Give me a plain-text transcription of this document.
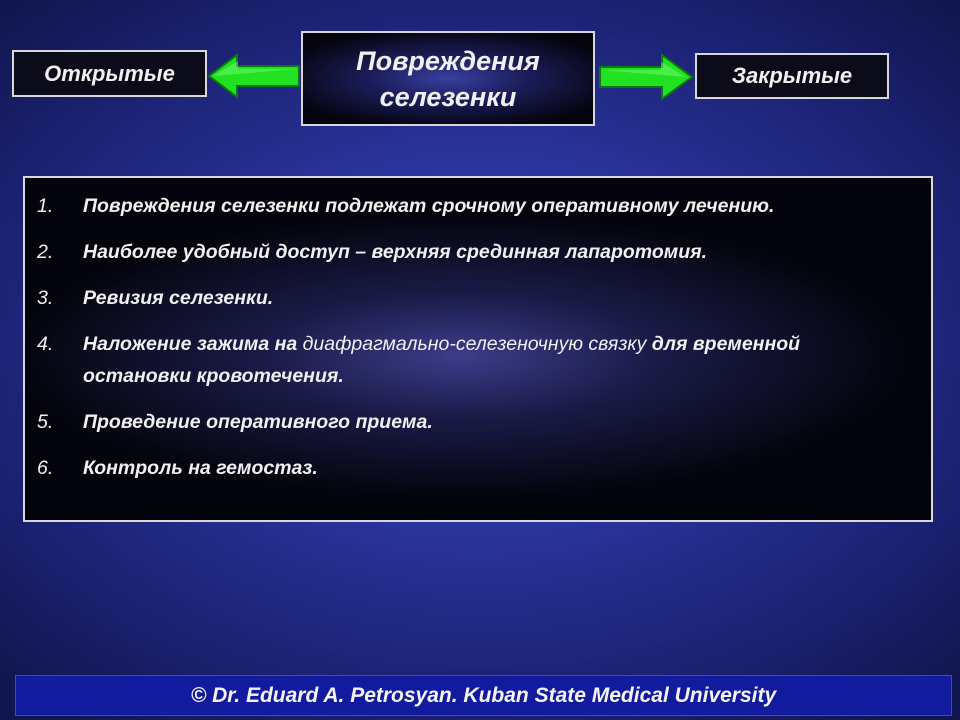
Открытые	Повреждения
селезенки
Закрытые
1. Повреждения селезенки подлежат срочному оперативному лечению.
2. Наиболее удобный доступ – верхняя срединная лапаротомия.
3. Ревизия селезенки.
4. Наложение зажима на диафрагмально-селезеночную связку для временной остановки кровотечения.
5. Проведение оперативного приема.
6. Контроль на гемостаз.
© Dr. Eduard A. Petrosyan. Kuban State Medical University
